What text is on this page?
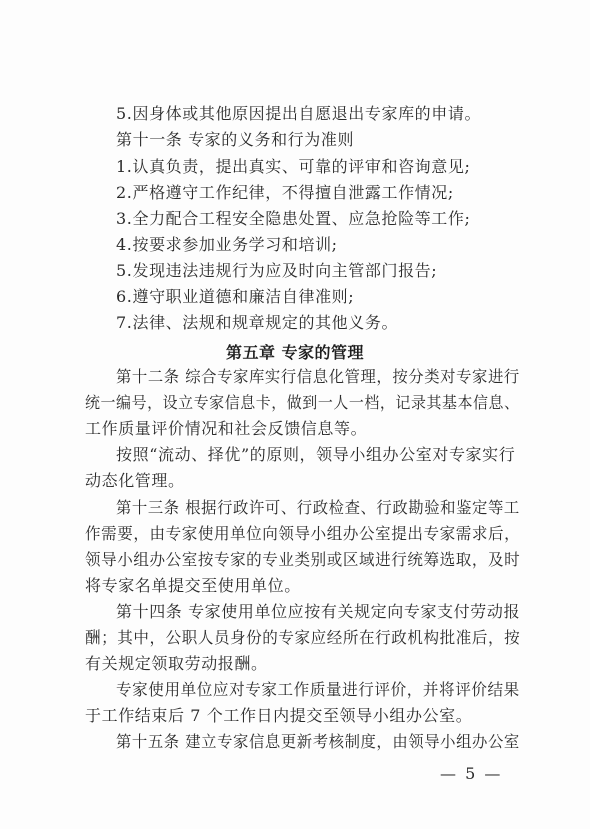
5.因身体或其他原因提出自愿退出专家库的申请。
第十一条 专家的义务和行为准则
1.认真负责，提出真实、可靠的评审和咨询意见;
2.严格遵守工作纪律，不得擅自泄露工作情况;
3.全力配合工程安全隐患处置、应急抢险等工作;
4.按要求参加业务学习和培训;
5.发现违法违规行为应及时向主管部门报告;
6.遵守职业道德和廉洁自律准则;
7.法律、法规和规章规定的其他义务。
第五章 专家的管理
第十二条 综合专家库实行信息化管理，按分类对专家进行
统一编号，设立专家信息卡，做到一人一档，记录其基本信息、
工作质量评价情况和社会反馈信息等。
按照“流动、择优”的原则，领导小组办公室对专家实行
动态化管理。
第十三条 根据行政许可、行政检查、行政勘验和鉴定等工
作需要，由专家使用单位向领导小组办公室提出专家需求后，
领导小组办公室按专家的专业类别或区域进行统筹选取，及时
将专家名单提交至使用单位。
第十四条 专家使用单位应按有关规定向专家支付劳动报
酬；其中，公职人员身份的专家应经所在行政机构批准后，按
有关规定领取劳动报酬。
专家使用单位应对专家工作质量进行评价，并将评价结果
于工作结束后 7 个工作日内提交至领导小组办公室。
第十五条 建立专家信息更新考核制度，由领导小组办公室
— 5 —
